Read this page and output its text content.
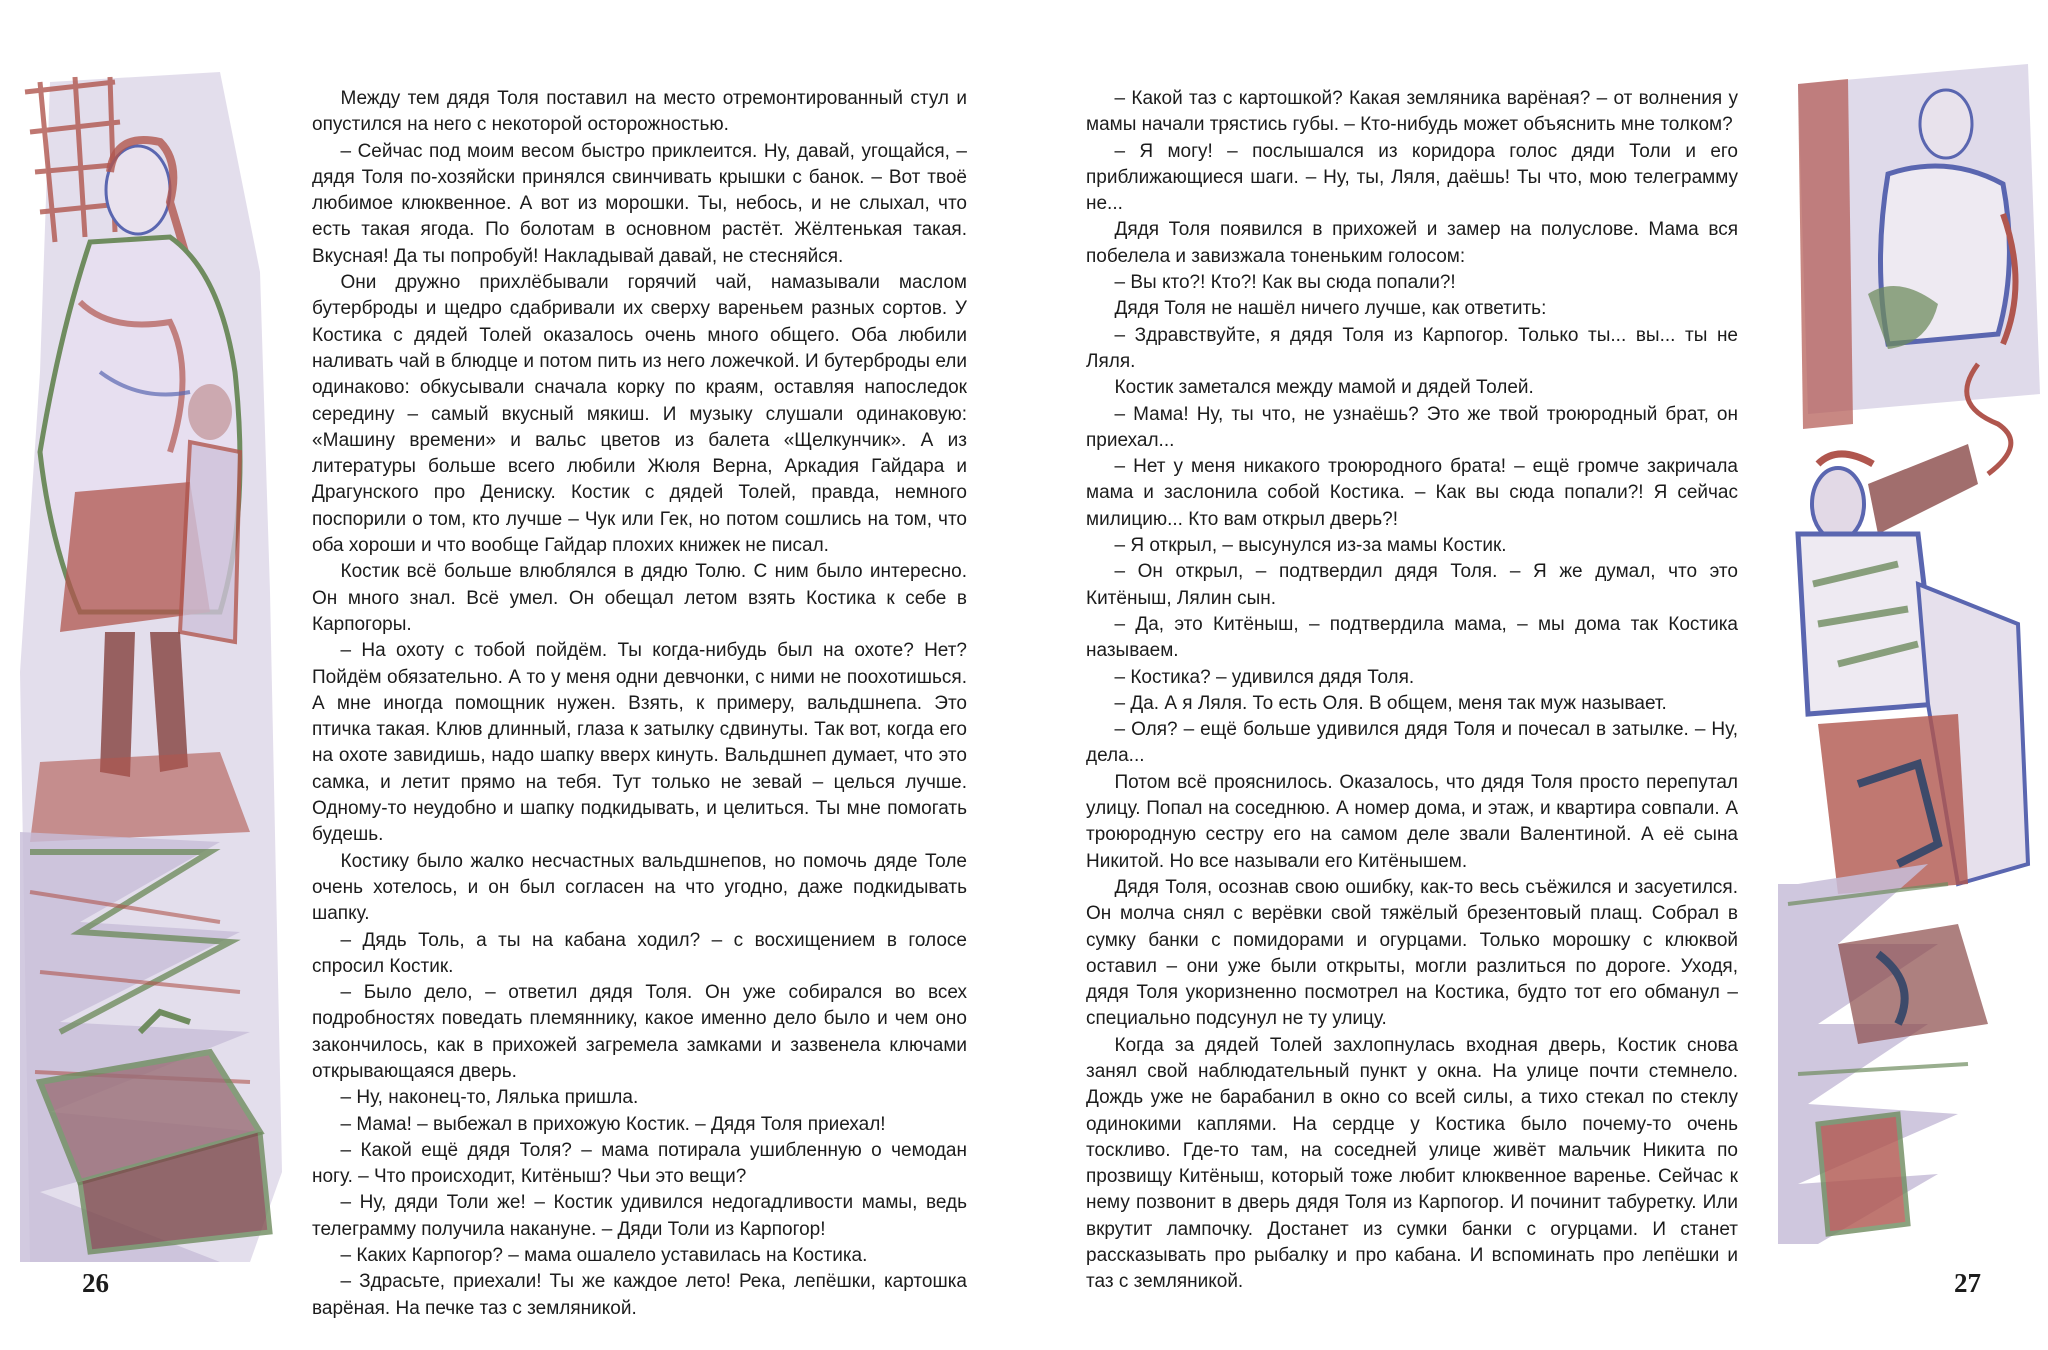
Между тем дядя Толя поставил на место отремонтированный стул и опустился на него с некоторой осторожностью.

– Сейчас под моим весом быстро приклеится. Ну, давай, угощайся, – дядя Толя по-хозяйски принялся свинчивать крышки с банок. – Вот твоё любимое клюквенное. А вот из морошки. Ты, небось, и не слыхал, что есть такая ягода. По болотам в основном растёт. Жёлтенькая такая. Вкусная! Да ты попробуй! Накладывай давай, не стесняйся.

Они дружно прихлёбывали горячий чай, намазывали маслом бутерброды и щедро сдабривали их сверху вареньем разных сортов. У Костика с дядей Толей оказалось очень много общего. Оба любили наливать чай в блюдце и потом пить из него ложечкой. И бутерброды ели одинаково: обкусывали сначала корку по краям, оставляя напоследок середину – самый вкусный мякиш. И музыку слушали одинаковую: «Машину времени» и вальс цветов из балета «Щелкунчик». А из литературы больше всего любили Жюля Верна, Аркадия Гайдара и Драгунского про Дениску. Костик с дядей Толей, правда, немного поспорили о том, кто лучше – Чук или Гек, но потом сошлись на том, что оба хороши и что вообще Гайдар плохих книжек не писал.

Костик всё больше влюблялся в дядю Толю. С ним было интересно. Он много знал. Всё умел. Он обещал летом взять Костика к себе в Карпогоры.

– На охоту с тобой пойдём. Ты когда-нибудь был на охоте? Нет? Пойдём обязательно. А то у меня одни девчонки, с ними не поохотишься. А мне иногда помощник нужен. Взять, к примеру, вальдшнепа. Это птичка такая. Клюв длинный, глаза к затылку сдвинуты. Так вот, когда его на охоте завидишь, надо шапку вверх кинуть. Вальдшнеп думает, что это самка, и летит прямо на тебя. Тут только не зевай – целься лучше. Одному-то неудобно и шапку подкидывать, и целиться. Ты мне помогать будешь.

Костику было жалко несчастных вальдшнепов, но помочь дяде Толе очень хотелось, и он был согласен на что угодно, даже подкидывать шапку.

– Дядь Толь, а ты на кабана ходил? – с восхищением в голосе спросил Костик.

– Было дело, – ответил дядя Толя. Он уже собирался во всех подробностях поведать племяннику, какое именно дело было и чем оно закончилось, как в прихожей загремела замками и зазвенела ключами открывающаяся дверь.

– Ну, наконец-то, Лялька пришла.

– Мама! – выбежал в прихожую Костик. – Дядя Толя приехал!

– Какой ещё дядя Толя? – мама потирала ушибленную о чемодан ногу. – Что происходит, Китёныш? Чьи это вещи?

– Ну, дяди Толи же! – Костик удивился недогадливости мамы, ведь телеграмму получила накануне. – Дяди Толи из Карпогор!

– Каких Карпогор? – мама ошалело уставилась на Костика.

– Здрасьте, приехали! Ты же каждое лето! Река, лепёшки, картошка варёная. На печке таз с земляникой.

26

– Какой таз с картошкой? Какая земляника варёная? – от волнения у мамы начали трястись губы. – Кто-нибудь может объяснить мне толком?

– Я могу! – послышался из коридора голос дяди Толи и его приближающиеся шаги. – Ну, ты, Ляля, даёшь! Ты что, мою телеграмму не...

Дядя Толя появился в прихожей и замер на полуслове. Мама вся побелела и завизжала тоненьким голосом:

– Вы кто?! Кто?! Как вы сюда попали?!

Дядя Толя не нашёл ничего лучше, как ответить:

– Здравствуйте, я дядя Толя из Карпогор. Только ты... вы... ты не Ляля.

Костик заметался между мамой и дядей Толей.

– Мама! Ну, ты что, не узнаёшь? Это же твой троюродный брат, он приехал...

– Нет у меня никакого троюродного брата! – ещё громче закричала мама и заслонила собой Костика. – Как вы сюда попали?! Я сейчас милицию... Кто вам открыл дверь?!

– Я открыл, – высунулся из-за мамы Костик.

– Он открыл, – подтвердил дядя Толя. – Я же думал, что это Китёныш, Лялин сын.

– Да, это Китёныш, – подтвердила мама, – мы дома так Костика называем.

– Костика? – удивился дядя Толя.

– Да. А я Ляля. То есть Оля. В общем, меня так муж называет.

– Оля? – ещё больше удивился дядя Толя и почесал в затылке. – Ну, дела...

Потом всё прояснилось. Оказалось, что дядя Толя просто перепутал улицу. Попал на соседнюю. А номер дома, и этаж, и квартира совпали. А троюродную сестру его на самом деле звали Валентиной. А её сына Никитой. Но все называли его Китёнышем.

Дядя Толя, осознав свою ошибку, как-то весь съёжился и засуетился. Он молча снял с верёвки свой тяжёлый брезентовый плащ. Собрал в сумку банки с помидорами и огурцами. Только морошку с клюквой оставил – они уже были открыты, могли разлиться по дороге. Уходя, дядя Толя укоризненно посмотрел на Костика, будто тот его обманул – специально подсунул не ту улицу.

Когда за дядей Толей захлопнулась входная дверь, Костик снова занял свой наблюдательный пункт у окна. На улице почти стемнело. Дождь уже не барабанил в окно со всей силы, а тихо стекал по стеклу одинокими каплями. На сердце у Костика было почему-то очень тоскливо. Где-то там, на соседней улице живёт мальчик Никита по прозвищу Китёныш, который тоже любит клюквенное варенье. Сейчас к нему позвонит в дверь дядя Толя из Карпогор. И починит табуретку. Или вкрутит лампочку. Достанет из сумки банки с огурцами. И станет рассказывать про рыбалку и про кабана. И вспоминать про лепёшки и таз с земляникой.	27
